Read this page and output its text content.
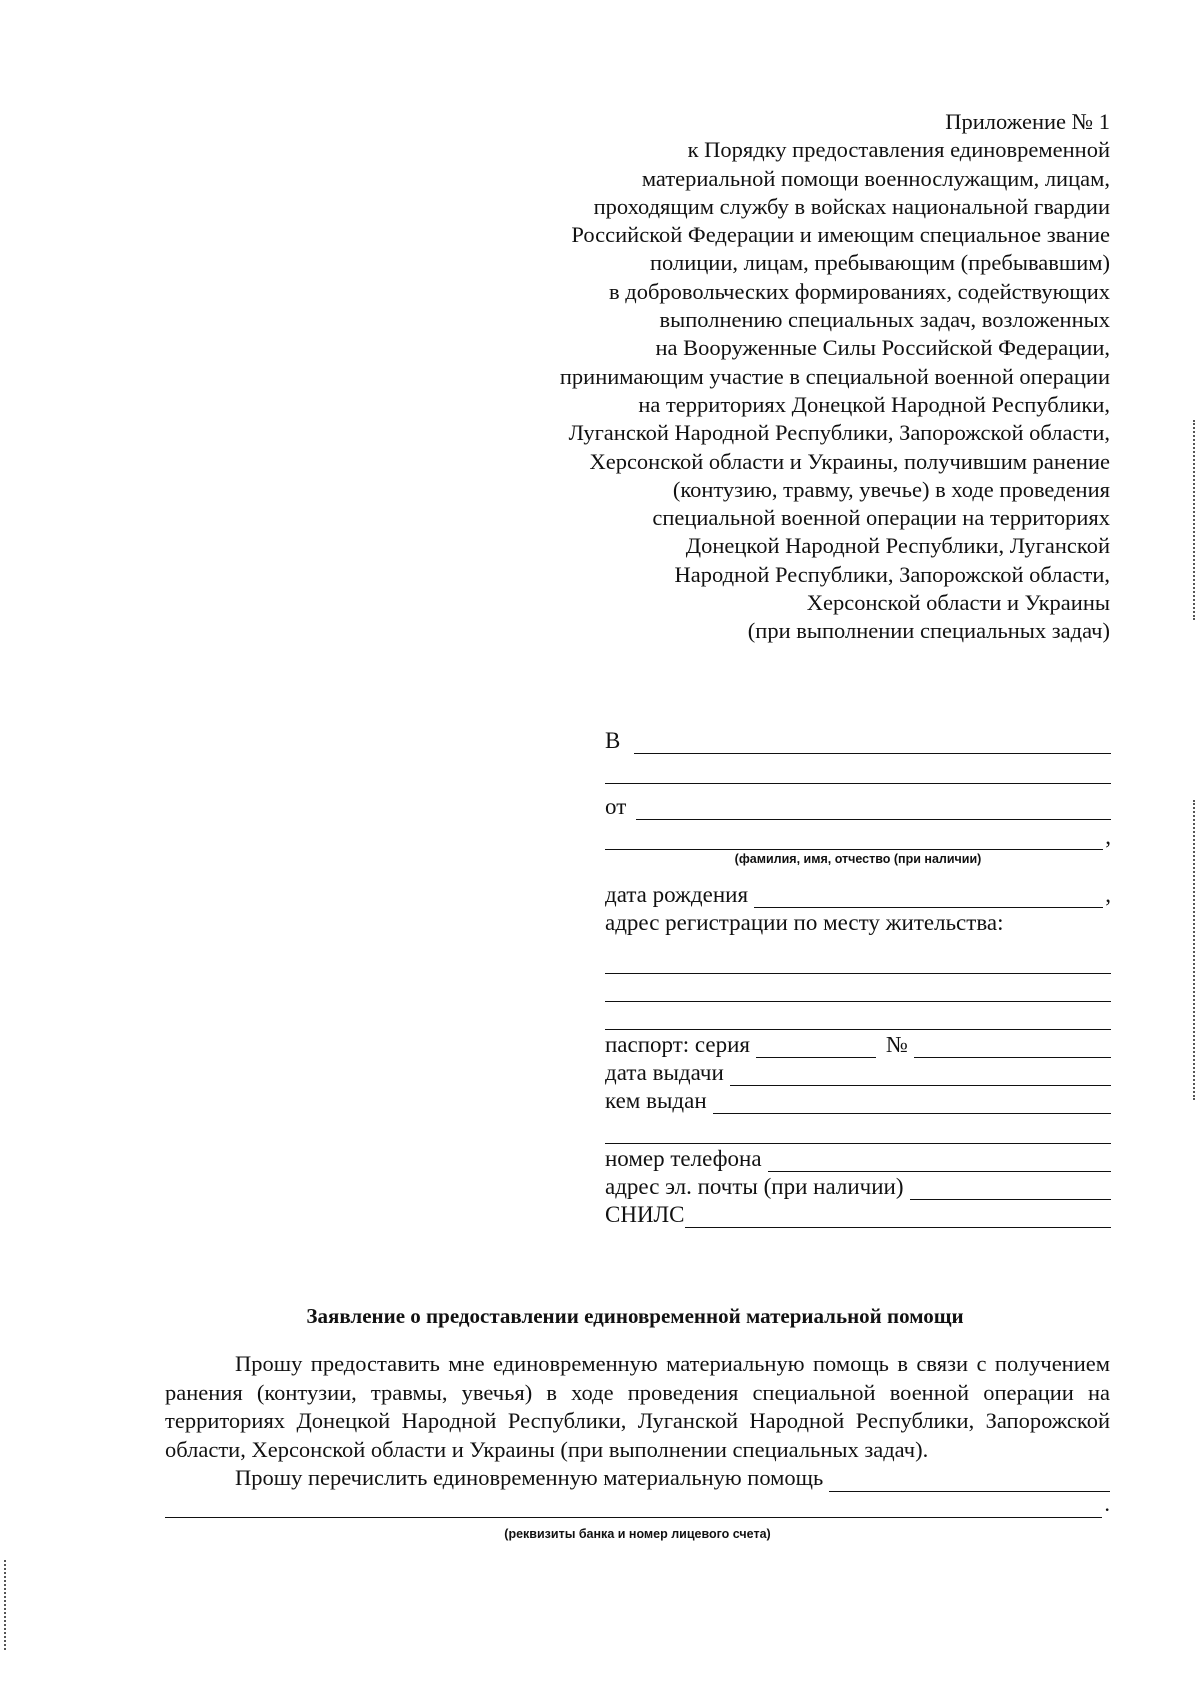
Приложение № 1
к Порядку предоставления единовременной
материальной помощи военнослужащим, лицам,
проходящим службу в войсках национальной гвардии
Российской Федерации и имеющим специальное звание
полиции, лицам, пребывающим (пребывавшим)
в добровольческих формированиях, содействующих
выполнению специальных задач, возложенных
на Вооруженные Силы Российской Федерации,
принимающим участие в специальной военной операции
на территориях Донецкой Народной Республики,
Луганской Народной Республики, Запорожской области,
Херсонской области и Украины, получившим ранение
(контузию, травму, увечье) в ходе проведения
специальной военной операции на территориях
Донецкой Народной Республики, Луганской
Народной Республики, Запорожской области,
Херсонской области и Украины
(при выполнении специальных задач)
В
от
,
(фамилия, имя, отчество (при наличии)
дата рождения	,
адрес регистрации по месту жительства:
паспорт: серия	№
дата выдачи
кем выдан
номер телефона
адрес эл. почты (при наличии)
СНИЛС
Заявление о предоставлении единовременной материальной помощи

Прошу предоставить мне единовременную материальную помощь в связи с получением ранения (контузии, травмы, увечья) в ходе проведения специальной военной операции на территориях Донецкой Народной Республики, Луганской Народной Республики, Запорожской области, Херсонской области и Украины (при выполнении специальных задач).

Прошу перечислить единовременную материальную помощь
.
(реквизиты банка и номер лицевого счета)
